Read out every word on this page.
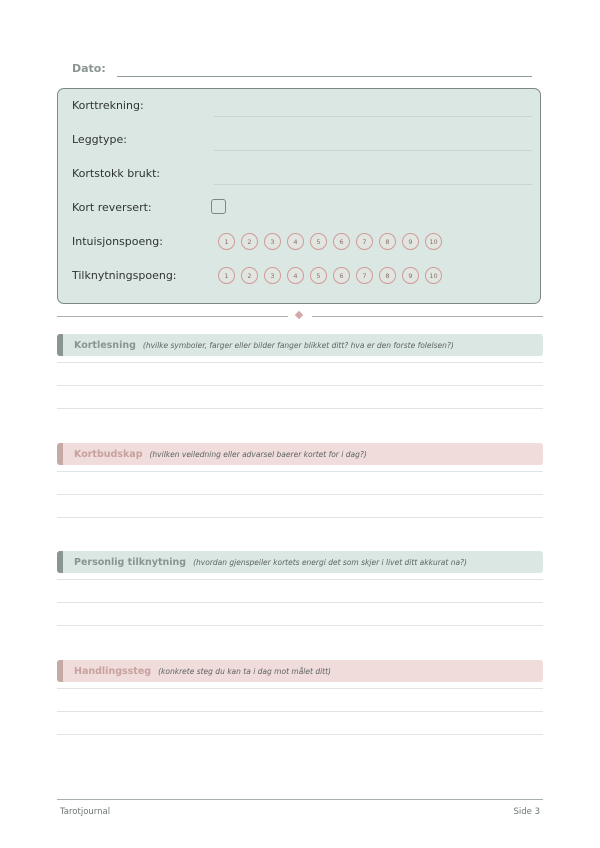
Dato:
Korttrekning:
Leggtype:
Kortstokk brukt:
Kort reversert:
Intuisjonspoeng:	1	2	3	4	5	6	7	8	9	10
Tilknytningspoeng:	1	2	3	4	5	6	7	8	9	10
Kortlesning (hvilke symboler, farger eller bilder fanger blikket ditt? hva er den forste folelsen?)
Kortbudskap (hvilken veiledning eller advarsel baerer kortet for i dag?)
Personlig tilknytning (hvordan gjenspeiler kortets energi det som skjer i livet ditt akkurat na?)
Handlingssteg (konkrete steg du kan ta i dag mot målet ditt)
Tarotjournal	Side 3
